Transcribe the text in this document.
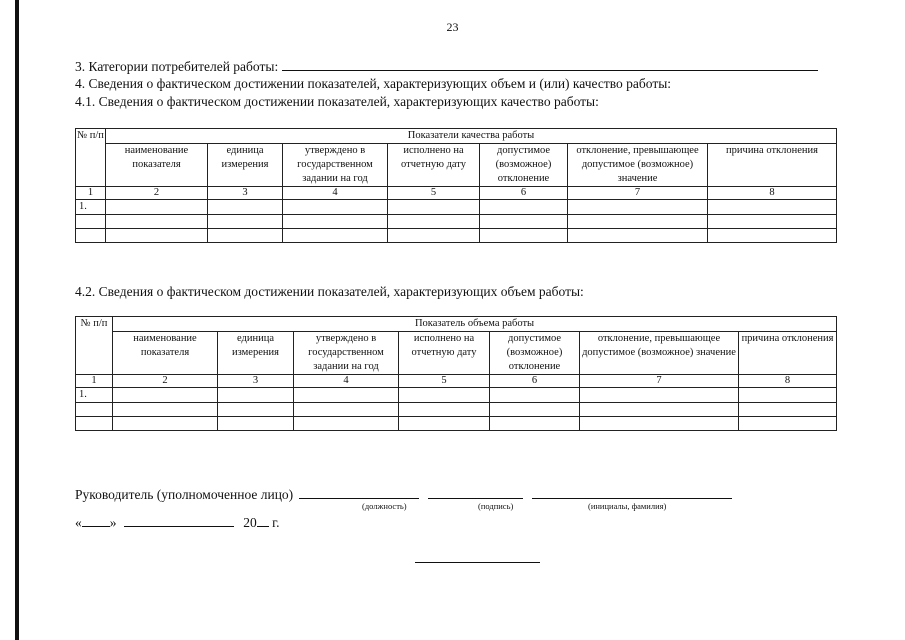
23
3. Категории потребителей работы:
4. Сведения о фактическом достижении показателей, характеризующих объем и (или) качество работы:
4.1. Сведения о фактическом достижении показателей, характеризующих качество работы:
№ п/п	Показатели качества работы						
	наименование показателя	единица измерения	утверждено в государственном задании на год	исполнено на отчетную дату	допустимое (возможное) отклонение	отклонение, превышающее допустимое (возможное) значение	причина отклонения
1	2	3	4	5	6	7	8
1.							

4.2. Сведения о фактическом достижении показателей, характеризующих объем работы:
№ п/п	Показатель объема работы						
	наименование показателя	единица измерения	утверждено в государственном задании на год	исполнено на отчетную дату	допустимое (возможное) отклонение	отклонение, превышающее допустимое (возможное) значение	причина отклонения
1	2	3	4	5	6	7	8
1.							

Руководитель (уполномоченное лицо)
(должность)	(подпись)	(инициалы, фамилия)
« »	20 г.
